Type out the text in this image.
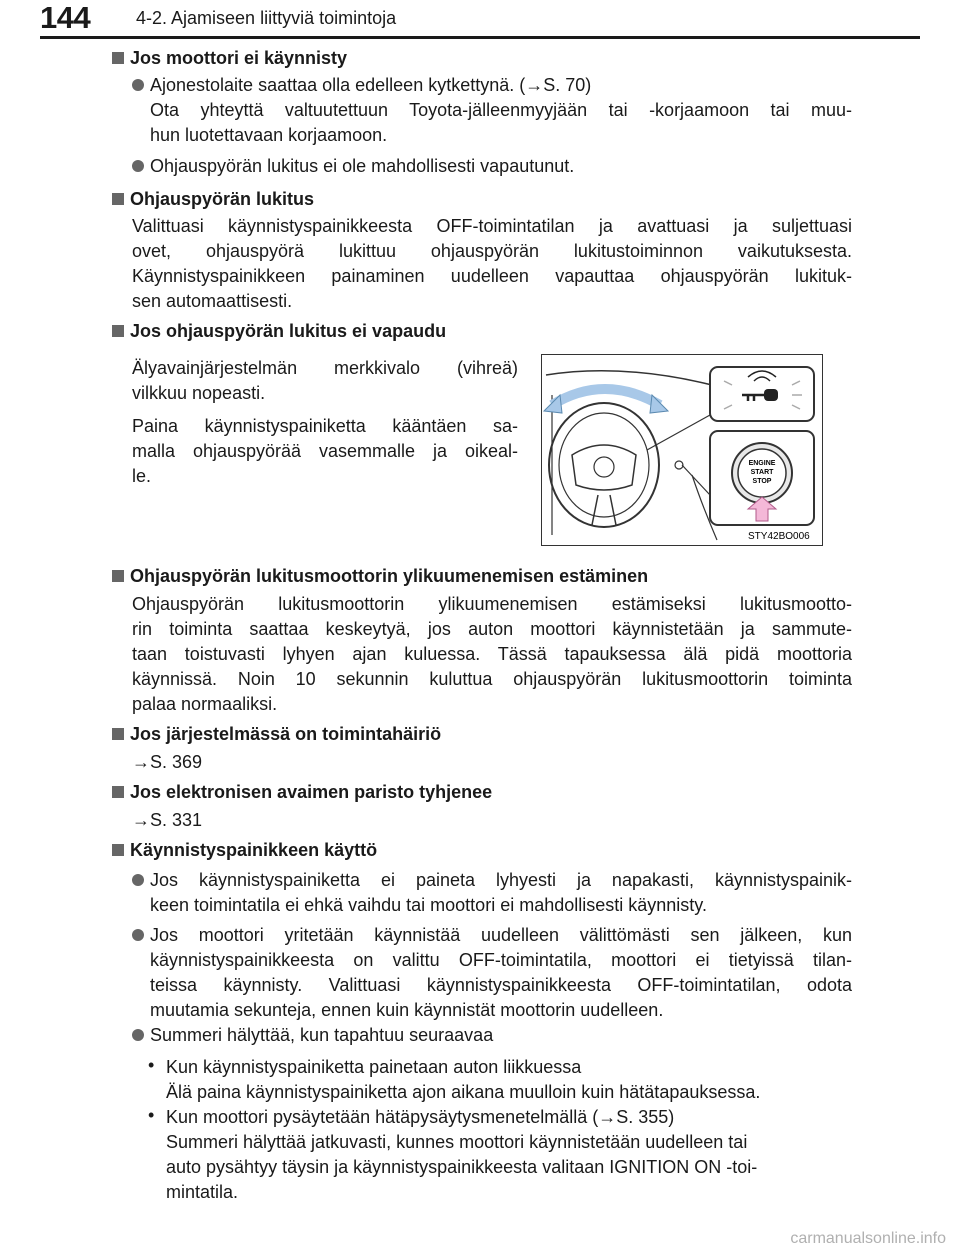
144	4-2. Ajamiseen liittyviä toimintoja
Jos moottori ei käynnisty
Ajonestolaite saattaa olla edelleen kytkettynä. (→S. 70)
Ota yhteyttä valtuutettuun Toyota-jälleenmyyjään tai -korjaamoon tai muu-
hun luotettavaan korjaamoon.
Ohjauspyörän lukitus ei ole mahdollisesti vapautunut.
Ohjauspyörän lukitus
Valittuasi käynnistyspainikkeesta OFF-toimintatilan ja avattuasi ja suljettuasi
ovet, ohjauspyörä lukittuu ohjauspyörän lukitustoiminnon vaikutuksesta.
Käynnistyspainikkeen painaminen uudelleen vapauttaa ohjauspyörän lukituk-
sen automaattisesti.
Jos ohjauspyörän lukitus ei vapaudu
Älyavainjärjestelmän merkkivalo (vihreä)
vilkkuu nopeasti.
Paina käynnistyspainiketta kääntäen sa-
malla ohjauspyörää vasemmalle ja oikeal-
le.
ENGINE
START
STOP
STY42BO006
Ohjauspyörän lukitusmoottorin ylikuumenemisen estäminen
Ohjauspyörän lukitusmoottorin ylikuumenemisen estämiseksi lukitusmootto-
rin toiminta saattaa keskeytyä, jos auton moottori käynnistetään ja sammute-
taan toistuvasti lyhyen ajan kuluessa. Tässä tapauksessa älä pidä moottoria
käynnissä. Noin 10 sekunnin kuluttua ohjauspyörän lukitusmoottorin toiminta
palaa normaaliksi.
Jos järjestelmässä on toimintahäiriö
→S. 369
Jos elektronisen avaimen paristo tyhjenee
→S. 331
Käynnistyspainikkeen käyttö
Jos käynnistyspainiketta ei paineta lyhyesti ja napakasti, käynnistyspainik-
keen toimintatila ei ehkä vaihdu tai moottori ei mahdollisesti käynnisty.
Jos moottori yritetään käynnistää uudelleen välittömästi sen jälkeen, kun
käynnistyspainikkeesta on valittu OFF-toimintatila, moottori ei tietyissä tilan-
teissa käynnisty. Valittuasi käynnistyspainikkeesta OFF-toimintatilan, odota
muutamia sekunteja, ennen kuin käynnistät moottorin uudelleen.
Summeri hälyttää, kun tapahtuu seuraavaa
• Kun käynnistyspainiketta painetaan auton liikkuessa
Älä paina käynnistyspainiketta ajon aikana muulloin kuin hätätapauksessa.
• Kun moottori pysäytetään hätäpysäytysmenetelmällä (→S. 355)
Summeri hälyttää jatkuvasti, kunnes moottori käynnistetään uudelleen tai
auto pysähtyy täysin ja käynnistyspainikkeesta valitaan IGNITION ON -toi-
mintatila.
carmanualsonline.info
